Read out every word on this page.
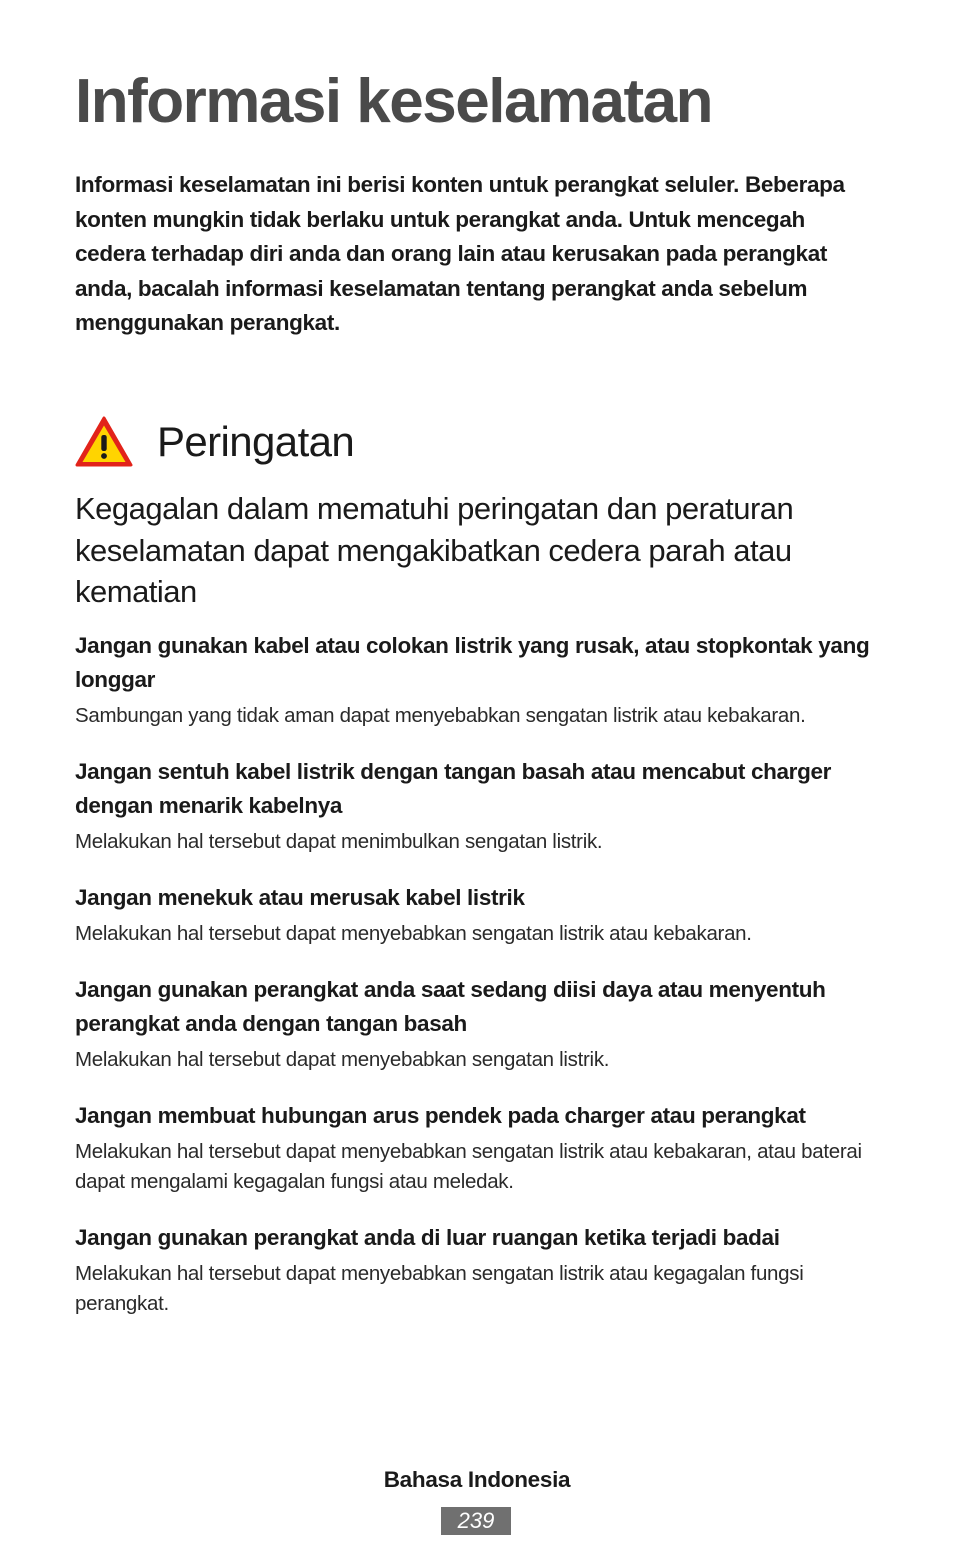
Informasi keselamatan

Informasi keselamatan ini berisi konten untuk perangkat seluler. Beberapa konten mungkin tidak berlaku untuk perangkat anda. Untuk mencegah cedera terhadap diri anda dan orang lain atau kerusakan pada perangkat anda, bacalah informasi keselamatan tentang perangkat anda sebelum menggunakan perangkat.

Peringatan
Kegagalan dalam mematuhi peringatan dan peraturan keselamatan dapat mengakibatkan cedera parah atau kematian

Jangan gunakan kabel atau colokan listrik yang rusak, atau stopkontak yang longgar

Sambungan yang tidak aman dapat menyebabkan sengatan listrik atau kebakaran.

Jangan sentuh kabel listrik dengan tangan basah atau mencabut charger dengan menarik kabelnya

Melakukan hal tersebut dapat menimbulkan sengatan listrik.

Jangan menekuk atau merusak kabel listrik

Melakukan hal tersebut dapat menyebabkan sengatan listrik atau kebakaran.

Jangan gunakan perangkat anda saat sedang diisi daya atau menyentuh perangkat anda dengan tangan basah

Melakukan hal tersebut dapat menyebabkan sengatan listrik.

Jangan membuat hubungan arus pendek pada charger atau perangkat

Melakukan hal tersebut dapat menyebabkan sengatan listrik atau kebakaran, atau baterai dapat mengalami kegagalan fungsi atau meledak.

Jangan gunakan perangkat anda di luar ruangan ketika terjadi badai

Melakukan hal tersebut dapat menyebabkan sengatan listrik atau kegagalan fungsi perangkat.

Bahasa Indonesia
239
